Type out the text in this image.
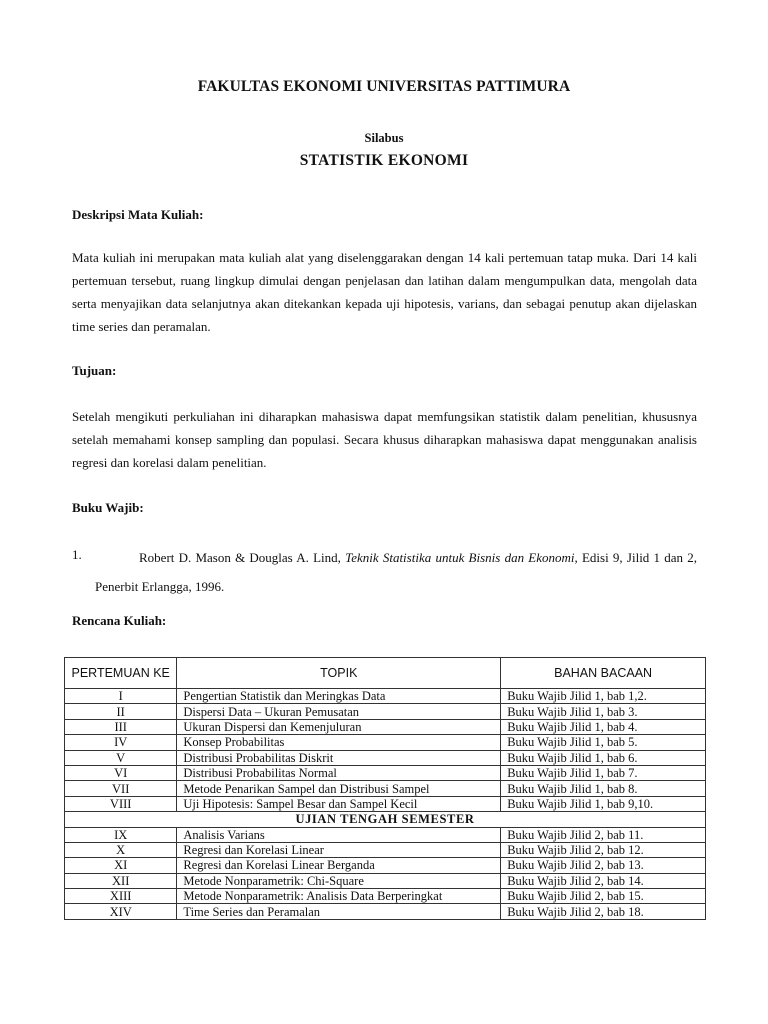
FAKULTAS EKONOMI UNIVERSITAS PATTIMURA
Silabus
STATISTIK EKONOMI
Deskripsi Mata Kuliah:
Mata kuliah ini merupakan mata kuliah alat yang diselenggarakan dengan 14 kali pertemuan tatap muka. Dari 14 kali pertemuan tersebut, ruang lingkup dimulai dengan penjelasan dan latihan dalam mengumpulkan data, mengolah data serta menyajikan data selanjutnya akan ditekankan kepada uji hipotesis, varians, dan sebagai penutup akan dijelaskan time series dan peramalan.
Tujuan:
Setelah mengikuti perkuliahan ini diharapkan mahasiswa dapat memfungsikan statistik dalam penelitian, khususnya setelah memahami konsep sampling dan populasi. Secara khusus diharapkan mahasiswa dapat menggunakan analisis regresi dan korelasi dalam penelitian.
Buku Wajib:
1.	Robert D. Mason & Douglas A. Lind, Teknik Statistika untuk Bisnis dan Ekonomi, Edisi 9, Jilid 1 dan 2, Penerbit Erlangga, 1996.
Rencana Kuliah:
PERTEMUAN KE	TOPIK	BAHAN BACAAN
I	Pengertian Statistik dan Meringkas Data	Buku Wajib Jilid 1, bab 1,2.
II	Dispersi Data – Ukuran Pemusatan	Buku Wajib Jilid 1, bab 3.
III	Ukuran Dispersi dan Kemenjuluran	Buku Wajib Jilid 1, bab 4.
IV	Konsep Probabilitas	Buku Wajib Jilid 1, bab 5.
V	Distribusi Probabilitas Diskrit	Buku Wajib Jilid 1, bab 6.
VI	Distribusi Probabilitas Normal	Buku Wajib Jilid 1, bab 7.
VII	Metode Penarikan Sampel dan Distribusi Sampel	Buku Wajib Jilid 1, bab 8.
VIII	Uji Hipotesis: Sampel Besar dan Sampel Kecil	Buku Wajib Jilid 1, bab 9,10.
UJIAN TENGAH SEMESTER		
IX	Analisis Varians	Buku Wajib Jilid 2, bab 11.
X	Regresi dan Korelasi Linear	Buku Wajib Jilid 2, bab 12.
XI	Regresi dan Korelasi Linear Berganda	Buku Wajib Jilid 2, bab 13.
XII	Metode Nonparametrik: Chi-Square	Buku Wajib Jilid 2, bab 14.
XIII	Metode Nonparametrik: Analisis Data Berperingkat	Buku Wajib Jilid 2, bab 15.
XIV	Time Series dan Peramalan	Buku Wajib Jilid 2, bab 18.
